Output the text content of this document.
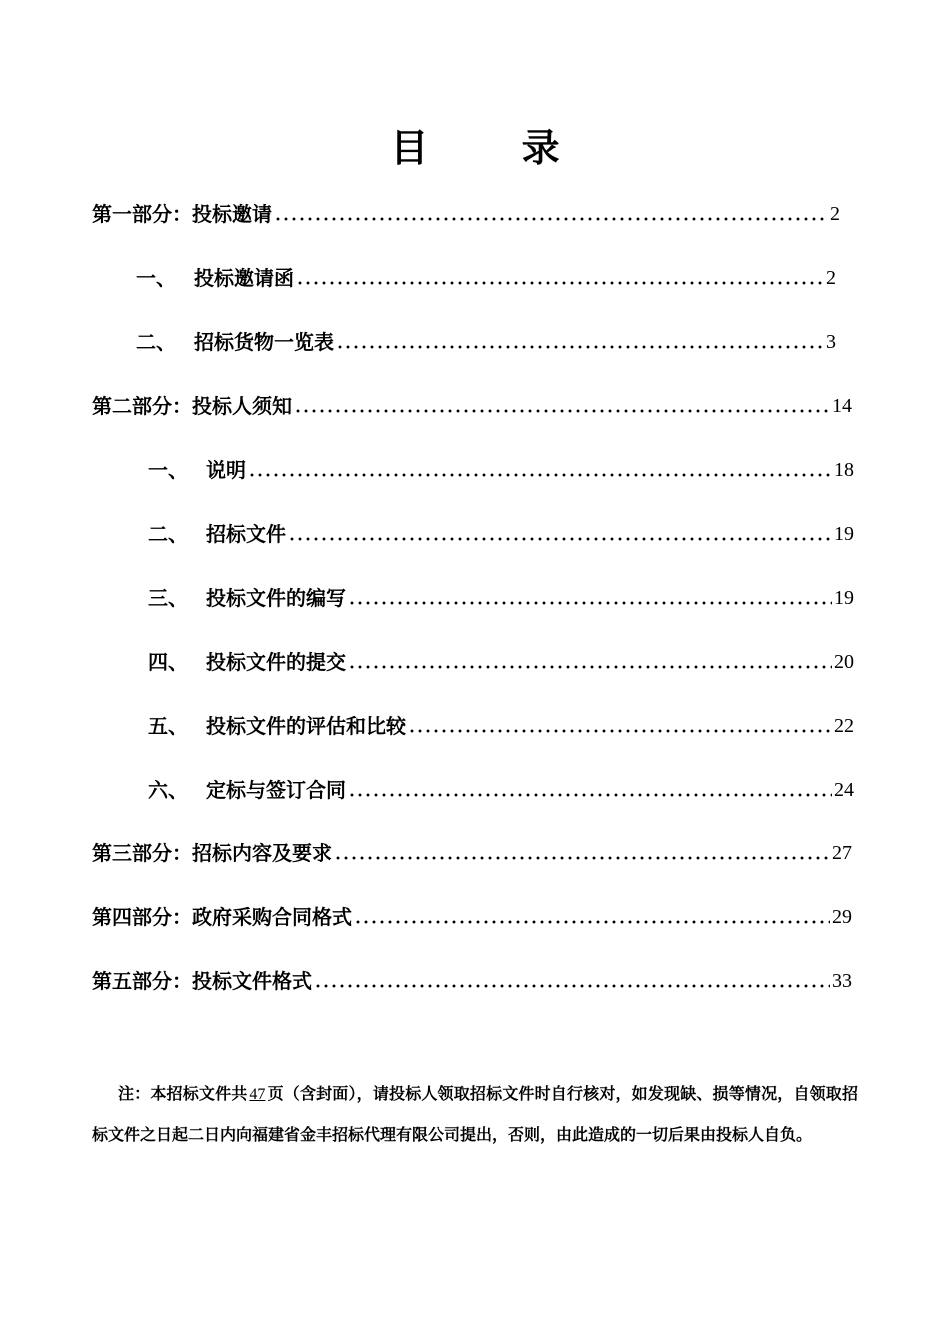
目 录
第一部分：投标邀请	2
一、 投标邀请函	2
二、 招标货物一览表	3
第二部分：投标人须知	14
一、 说明	18
二、 招标文件	19
三、 投标文件的编写	19
四、 投标文件的提交	20
五、 投标文件的评估和比较	22
六、 定标与签订合同	24
第三部分：招标内容及要求	27
第四部分：政府采购合同格式	29
第五部分：投标文件格式	33
注：本招标文件共 47 页（含封面），请投标人领取招标文件时自行核对，如发现缺、损等情况，自领取招标文件之日起二日内向福建省金丰招标代理有限公司提出，否则，由此造成的一切后果由投标人自负。
